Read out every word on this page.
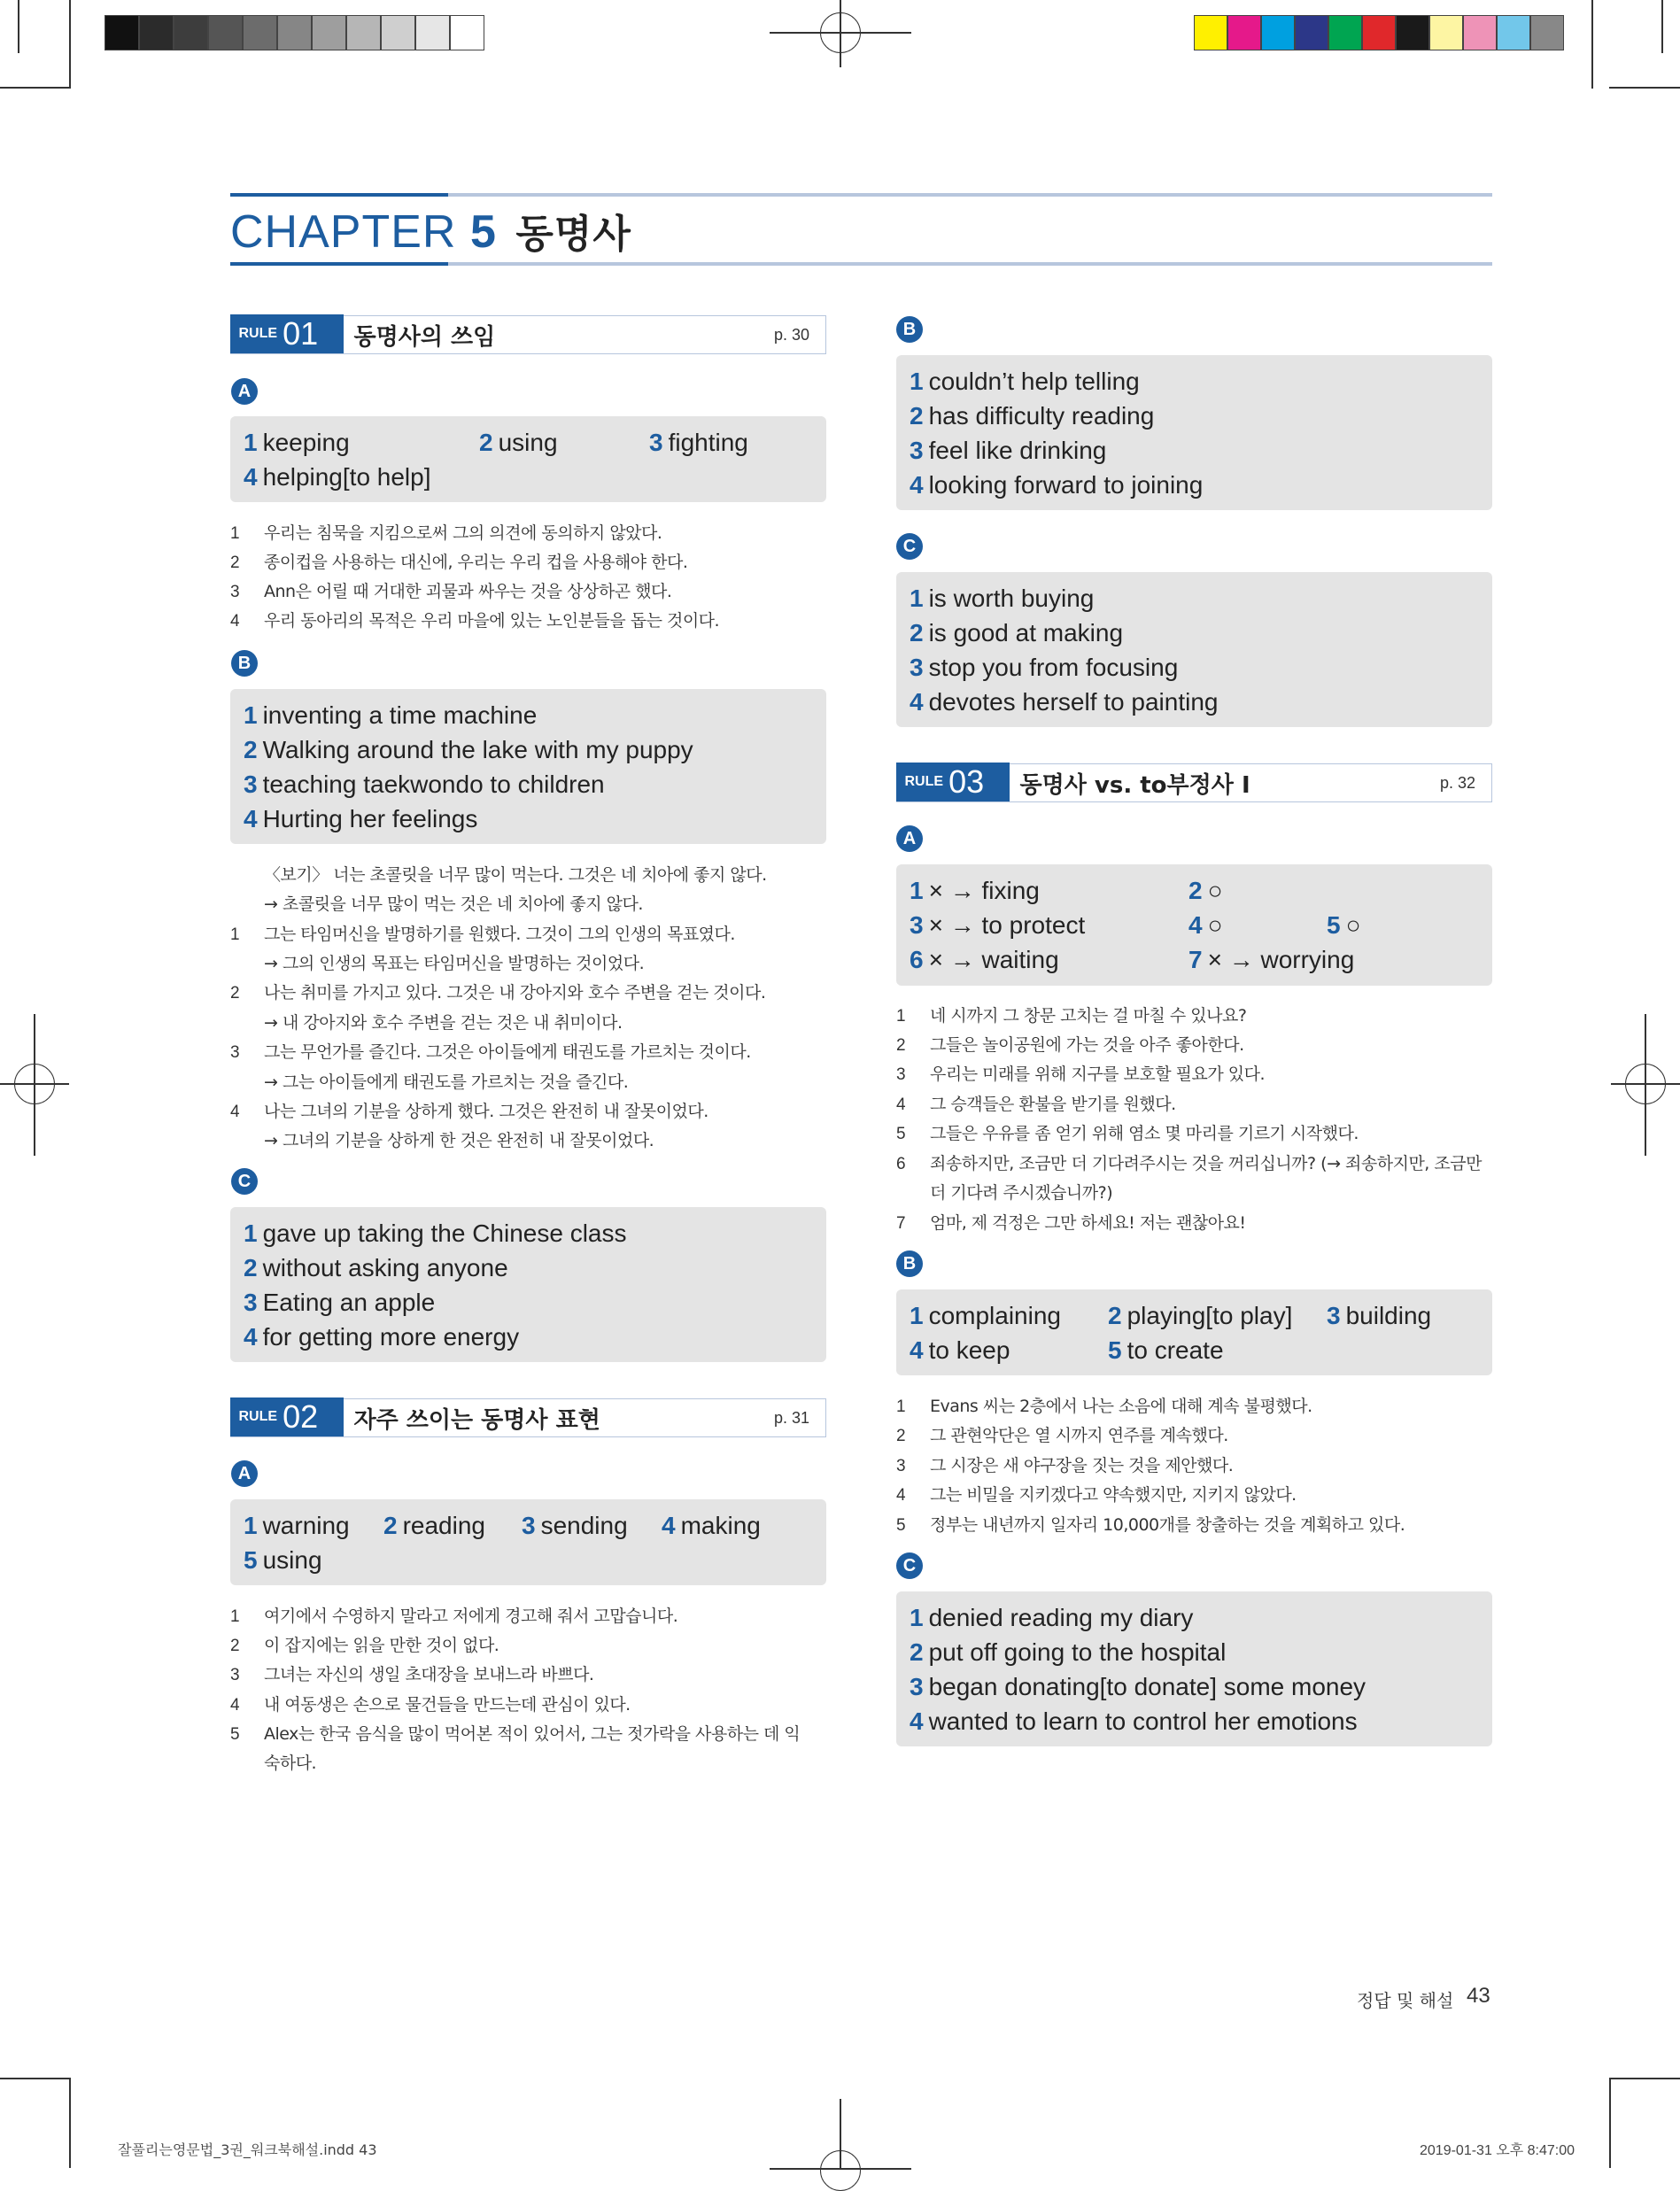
CHAPTER 5 동명사
RULE 01	동명사의 쓰임	p. 30
A
1 keeping	2 using	3 fighting
4 helping[to help]
1 우리는 침묵을 지킴으로써 그의 의견에 동의하지 않았다.
2 종이컵을 사용하는 대신에, 우리는 우리 컵을 사용해야 한다.
3 Ann은 어릴 때 거대한 괴물과 싸우는 것을 상상하곤 했다.
4 우리 동아리의 목적은 우리 마을에 있는 노인분들을 돕는 것이다.
B
1 inventing a time machine
2 Walking around the lake with my puppy
3 teaching taekwondo to children
4 Hurting her feelings
〈보기〉 너는 초콜릿을 너무 많이 먹는다. 그것은 네 치아에 좋지 않다.
→ 초콜릿을 너무 많이 먹는 것은 네 치아에 좋지 않다.
1 그는 타임머신을 발명하기를 원했다. 그것이 그의 인생의 목표였다.
→ 그의 인생의 목표는 타임머신을 발명하는 것이었다.
2 나는 취미를 가지고 있다. 그것은 내 강아지와 호수 주변을 걷는 것이다.
→ 내 강아지와 호수 주변을 걷는 것은 내 취미이다.
3 그는 무언가를 즐긴다. 그것은 아이들에게 태권도를 가르치는 것이다.
→ 그는 아이들에게 태권도를 가르치는 것을 즐긴다.
4 나는 그녀의 기분을 상하게 했다. 그것은 완전히 내 잘못이었다.
→ 그녀의 기분을 상하게 한 것은 완전히 내 잘못이었다.
C
1 gave up taking the Chinese class
2 without asking anyone
3 Eating an apple
4 for getting more energy
RULE 02	자주 쓰이는 동명사 표현	p. 31
A
1 warning 2 reading 3 sending 4 making
5 using
1 여기에서 수영하지 말라고 저에게 경고해 줘서 고맙습니다.
2 이 잡지에는 읽을 만한 것이 없다.
3 그녀는 자신의 생일 초대장을 보내느라 바쁘다.
4 내 여동생은 손으로 물건들을 만드는데 관심이 있다.
5 Alex는 한국 음식을 많이 먹어본 적이 있어서, 그는 젓가락을 사용하는 데 익
숙하다.
B
1 couldn’t help telling
2 has difficulty reading
3 feel like drinking
4 looking forward to joining
C
1 is worth buying
2 is good at making
3 stop you from focusing
4 devotes herself to painting
RULE 03	동명사 vs. to부정사 Ⅰ	p. 32
A
1 × → fixing	2 ○
3 × → to protect	4 ○	5 ○
6 × → waiting	7 × → worrying
1 네 시까지 그 창문 고치는 걸 마칠 수 있나요?
2 그들은 놀이공원에 가는 것을 아주 좋아한다.
3 우리는 미래를 위해 지구를 보호할 필요가 있다.
4 그 승객들은 환불을 받기를 원했다.
5 그들은 우유를 좀 얻기 위해 염소 몇 마리를 기르기 시작했다.
6 죄송하지만, 조금만 더 기다려주시는 것을 꺼리십니까? (→ 죄송하지만, 조금만
더 기다려 주시겠습니까?)
7 엄마, 제 걱정은 그만 하세요! 저는 괜찮아요!
B
1 complaining 2 playing[to play] 3 building
4 to keep	5 to create
1 Evans 씨는 2층에서 나는 소음에 대해 계속 불평했다.
2 그 관현악단은 열 시까지 연주를 계속했다.
3 그 시장은 새 야구장을 짓는 것을 제안했다.
4 그는 비밀을 지키겠다고 약속했지만, 지키지 않았다.
5 정부는 내년까지 일자리 10,000개를 창출하는 것을 계획하고 있다.
C
1 denied reading my diary
2 put off going to the hospital
3 began donating[to donate] some money
4 wanted to learn to control her emotions
정답 및 해설 43
잘풀리는영문법_3권_워크북해설.indd 43	2019-01-31 오후 8:47:00
